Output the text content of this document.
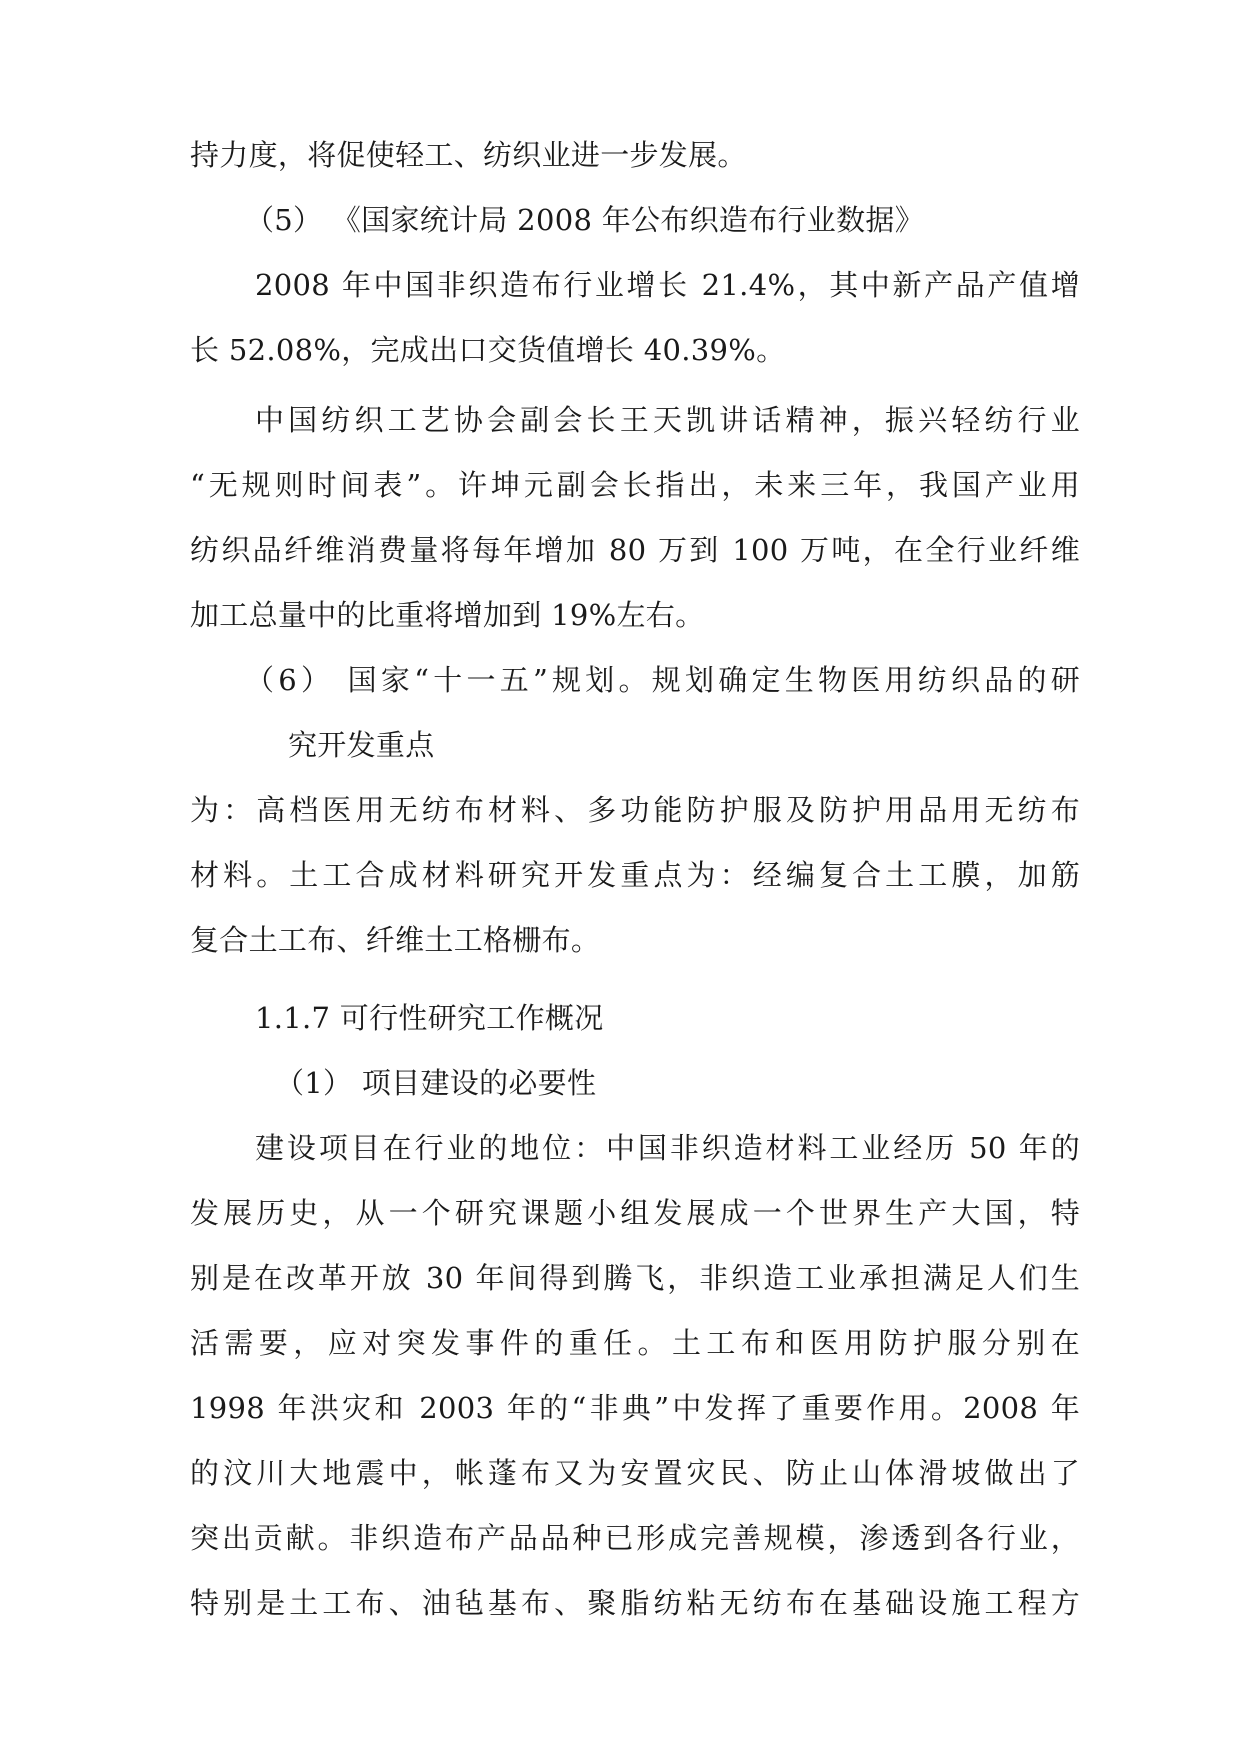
持力度，将促使轻工、纺织业进一步发展。
（5） 《国家统计局 2008 年公布织造布行业数据》
2008 年中国非织造布行业增长 21.4%，其中新产品产值增
长 52.08%，完成出口交货值增长 40.39%。
中国纺织工艺协会副会长王天凯讲话精神，振兴轻纺行业
“无规则时间表”。许坤元副会长指出，未来三年，我国产业用
纺织品纤维消费量将每年增加 80 万到 100 万吨，在全行业纤维
加工总量中的比重将增加到 19%左右。
（6） 国家“十一五”规划。规划确定生物医用纺织品的研
究开发重点
为：高档医用无纺布材料、多功能防护服及防护用品用无纺布
材料。土工合成材料研究开发重点为：经编复合土工膜，加筋
复合土工布、纤维土工格栅布。
1.1.7 可行性研究工作概况
（1） 项目建设的必要性
建设项目在行业的地位：中国非织造材料工业经历 50 年的
发展历史，从一个研究课题小组发展成一个世界生产大国，特
别是在改革开放 30 年间得到腾飞，非织造工业承担满足人们生
活需要，应对突发事件的重任。土工布和医用防护服分别在
1998 年洪灾和 2003 年的“非典”中发挥了重要作用。2008 年
的汶川大地震中，帐蓬布又为安置灾民、防止山体滑坡做出了
突出贡献。非织造布产品品种已形成完善规模，渗透到各行业，
特别是土工布、油毡基布、聚脂纺粘无纺布在基础设施工程方
